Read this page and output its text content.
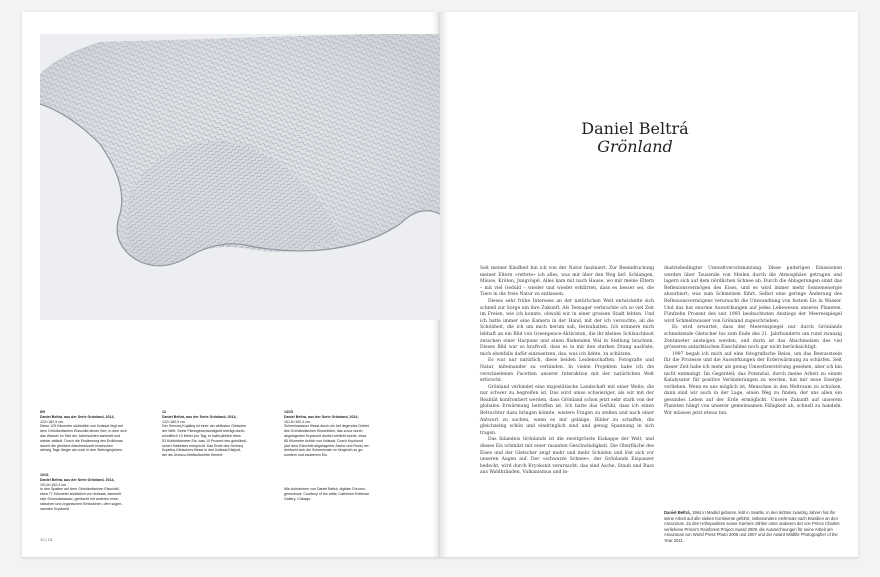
8/9
Daniel Beltrá, aus der Serie Grönland, 2014,
122×182,9 cm.
Diese 129 Kilometer südöstlich von Ilulissat liegt auf
dem Grönländischen Eisschild dieser See, in dem sich
das Wasser im Takt der Jahreszeiten sammelt und
wieder abläuft. Durch die Erwärmung des Erdklimas
dauert die jährliche Abschmelzzeit inzwischen
siebzig Tage länger als noch in den Siebzigerjahren.
10/11
Daniel Beltrá, aus der Serie Grönland, 2014,
101,6×152,4 cm.
In den Spalten auf dem Grönländischen Eisschild,
etwa 77 Kilometer südöstlich von Ilulissat, sammelt
sich Schmutzwasser, gemischt mit anderen mine-
ralischen und organischen Emissionen, dem sogen-
nannten Kryokonit.
12
Daniel Beltrá, aus der Serie Grönland, 2014,
122×182,9 cm.
Der Sermeq Kujalleq ist einer der aktivsten Gletscher
der Welt. Seine Fliessgeschwindigkeit beträgt durch-
schnittlich 19 Meter pro Tag; er kalbt jährlich etwa
53 Kubikkilometer Eis, was 10 Prozent des grönländi-
schen Kalbeises entspricht. Das Ende des Sermeq
Kujalleq-Gletschers fliesst in den Ilulissat-Eisfjord,
der als Unesco-Weltkulturerbe firmiert.
14/15
Daniel Beltrá, aus der Serie Grönland, 2014,
101,6×152,4 cm.
Schmelzwasser fliesst durch ein tief liegendes Gebiet
des Grönländischen Eisschildes, das zuvor durch
abgelagerten Kryokonit dunkel verfärbt wurde, etwa
85 Kilometer östlich von Ilulissat. Durch Kryokonit
(auf dem Eisschild abgelagerter Asche und Russ) ver-
dreifacht sich die Schmelzrate im Vergleich zu ge-
sundem und sauberem Eis.
Alle Aufnahmen von Daniel Beltrá, digitale Chromo-
genicdruck. Courtesy of the artist; Catherine Edelman
Gallery, Chicago.
12 | 13
Daniel Beltrá
Grönland

Seit meiner Kindheit bin ich von der Natur fasziniert. Zur Beeindruckung meiner Eltern «rettete» ich alles, was mir über den Weg lief: Schlangen, Mäuse, Kröten, Jungvögel. Alles kam mit nach Hause, wo mir meine Eltern – mit viel Geduld – wieder und wieder erklärten, dass es besser sei, die Tiere in die freie Natur zu entlassen.

Dieses sehr frühe Interesse an der natürlichen Welt entwickelte sich schnell zur Sorge um ihre Zukunft. Als Teenager verbrachte ich so viel Zeit im Freien, wie ich konnte, obwohl wir in einer grossen Stadt lebten. Und ich hatte immer eine Kamera in der Hand, mit der ich versuchte, all die Schönheit, die ich um mich herum sah, festzuhalten. Ich erinnere mich lebhaft an ein Bild von Greenpeace-Aktivisten, die ihr kleines Schlauchboot zwischen einer Harpune und einen fliehenden Wal in Stellung brachten. Dieses Bild war so kraftvoll, dass es in mir den starken Drang auslöste, mich ebenfalls dafür einzusetzen, das, was ich liebte, zu schützen.

Es war nur natürlich, diese beiden Leidenschaften, Fotografie und Natur, miteinander zu verbinden. In vielen Projekten habe ich die verschiedenen Facetten unserer Interaktion mit der natürlichen Welt erforscht.

Grönland verbindet eine majestätische Landschaft mit einer Weite, die nur schwer zu begreifen ist. Das wird umso schwieriger, als wir mit der Realität konfrontiert werden, dass Grönland schon jetzt sehr stark von der globalen Erwärmung betroffen ist. Ich hatte das Gefühl, dass ich einen Betrachter dazu bringen könnte, weitere Fragen zu stellen und nach einer Antwort zu suchen, wenn es mir gelänge, Bilder zu schaffen, die gleichzeitig schön und eindringlich sind und genug Spannung in sich tragen.

Das Inlandeis Grönlands ist die zweitgrösste Eiskappe der Welt, und dieses Eis schmilzt mit einer rasanten Geschwindigkeit. Die Oberfläche des Eises und der Gletscher zeigt mehr und mehr Schäden und löst sich vor unseren Augen auf. Der «schwarze Schnee», der Grönlands Eispanzer bedeckt, wird durch Kryokonit verursacht; das sind Asche, Staub und Russ aus Waldbränden, Vulkanismus und in-

dustriebedingter Umweltverschmutzung. Diese puderigen Emissionen werden über Tausende von Meilen durch die Atmosphäre getragen und lagern sich auf dem nördlichen Schnee ab. Durch die Ablagerungen sinkt das Reflexionsvermögen des Eises, und es wird immer mehr Sonnenenergie absorbiert; was zum Schmelzen führt. Selbst eine geringe Änderung des Reflexionsvermögens verursacht die Umwandlung von festem Eis in Wasser. Und das hat enorme Auswirkungen auf jedes Lebewesen unseres Planeten. Fünfzehn Prozent des seit 1993 beobachteten Anstiegs der Meeresspiegel wird Schmelzwasser von Grönland zugeschrieben.

Es wird erwartet, dass der Meeresspiegel nur durch Grönlands schmelzende Gletscher bis zum Ende des 21. Jahrhunderts um rund zwanzig Zentimeter ansteigen werden, und darin ist das Abschmelzen des viel grösseren antarktischen Eisschildes noch gar nicht berücksichtigt.

1997 begab ich mich auf eine fotografische Reise, um das Bewusstsein für die Prozesse und die Auswirkungen der Erderwärmung zu schärfen. Seit dieser Zeit habe ich mehr als genug Umweltzerstörung gesehen, aber ich bin nicht entmutigt. Im Gegenteil; das Potenzial, durch meine Arbeit zu einem Katalysator für positive Veränderungen zu werden, hat mir neue Energie verliehen. Wenn es uns möglich ist, Menschen in den Weltraum zu schicken, dann sind wir auch in der Lage, einen Weg zu finden, der uns allen ein gesundes Leben auf der Erde ermöglicht. Unsere Zukunft auf unserem Planeten hängt von unserer gemeinsamen Fähigkeit ab, schnell zu handeln. Wir müssen jetzt etwas tun.

Daniel Beltrá, 1964 in Madrid geboren, lebt in Seattle. In den letzten zwanzig Jahren hat ihn seine Arbeit auf alle sieben Kontinente geführt, insbesondere mehrmals nach Brasilien an den Amazonas. Zu den Höhepunkten seiner Karriere zählen unter anderem der von Prince Charles verliehene Prince's Rainforest Project Award 2009, die Auszeichnungen für seine Arbeit am Amazonas von World Press Photo 2006 und 2007 und der Award Wildlife Photographer of the Year 2011.
